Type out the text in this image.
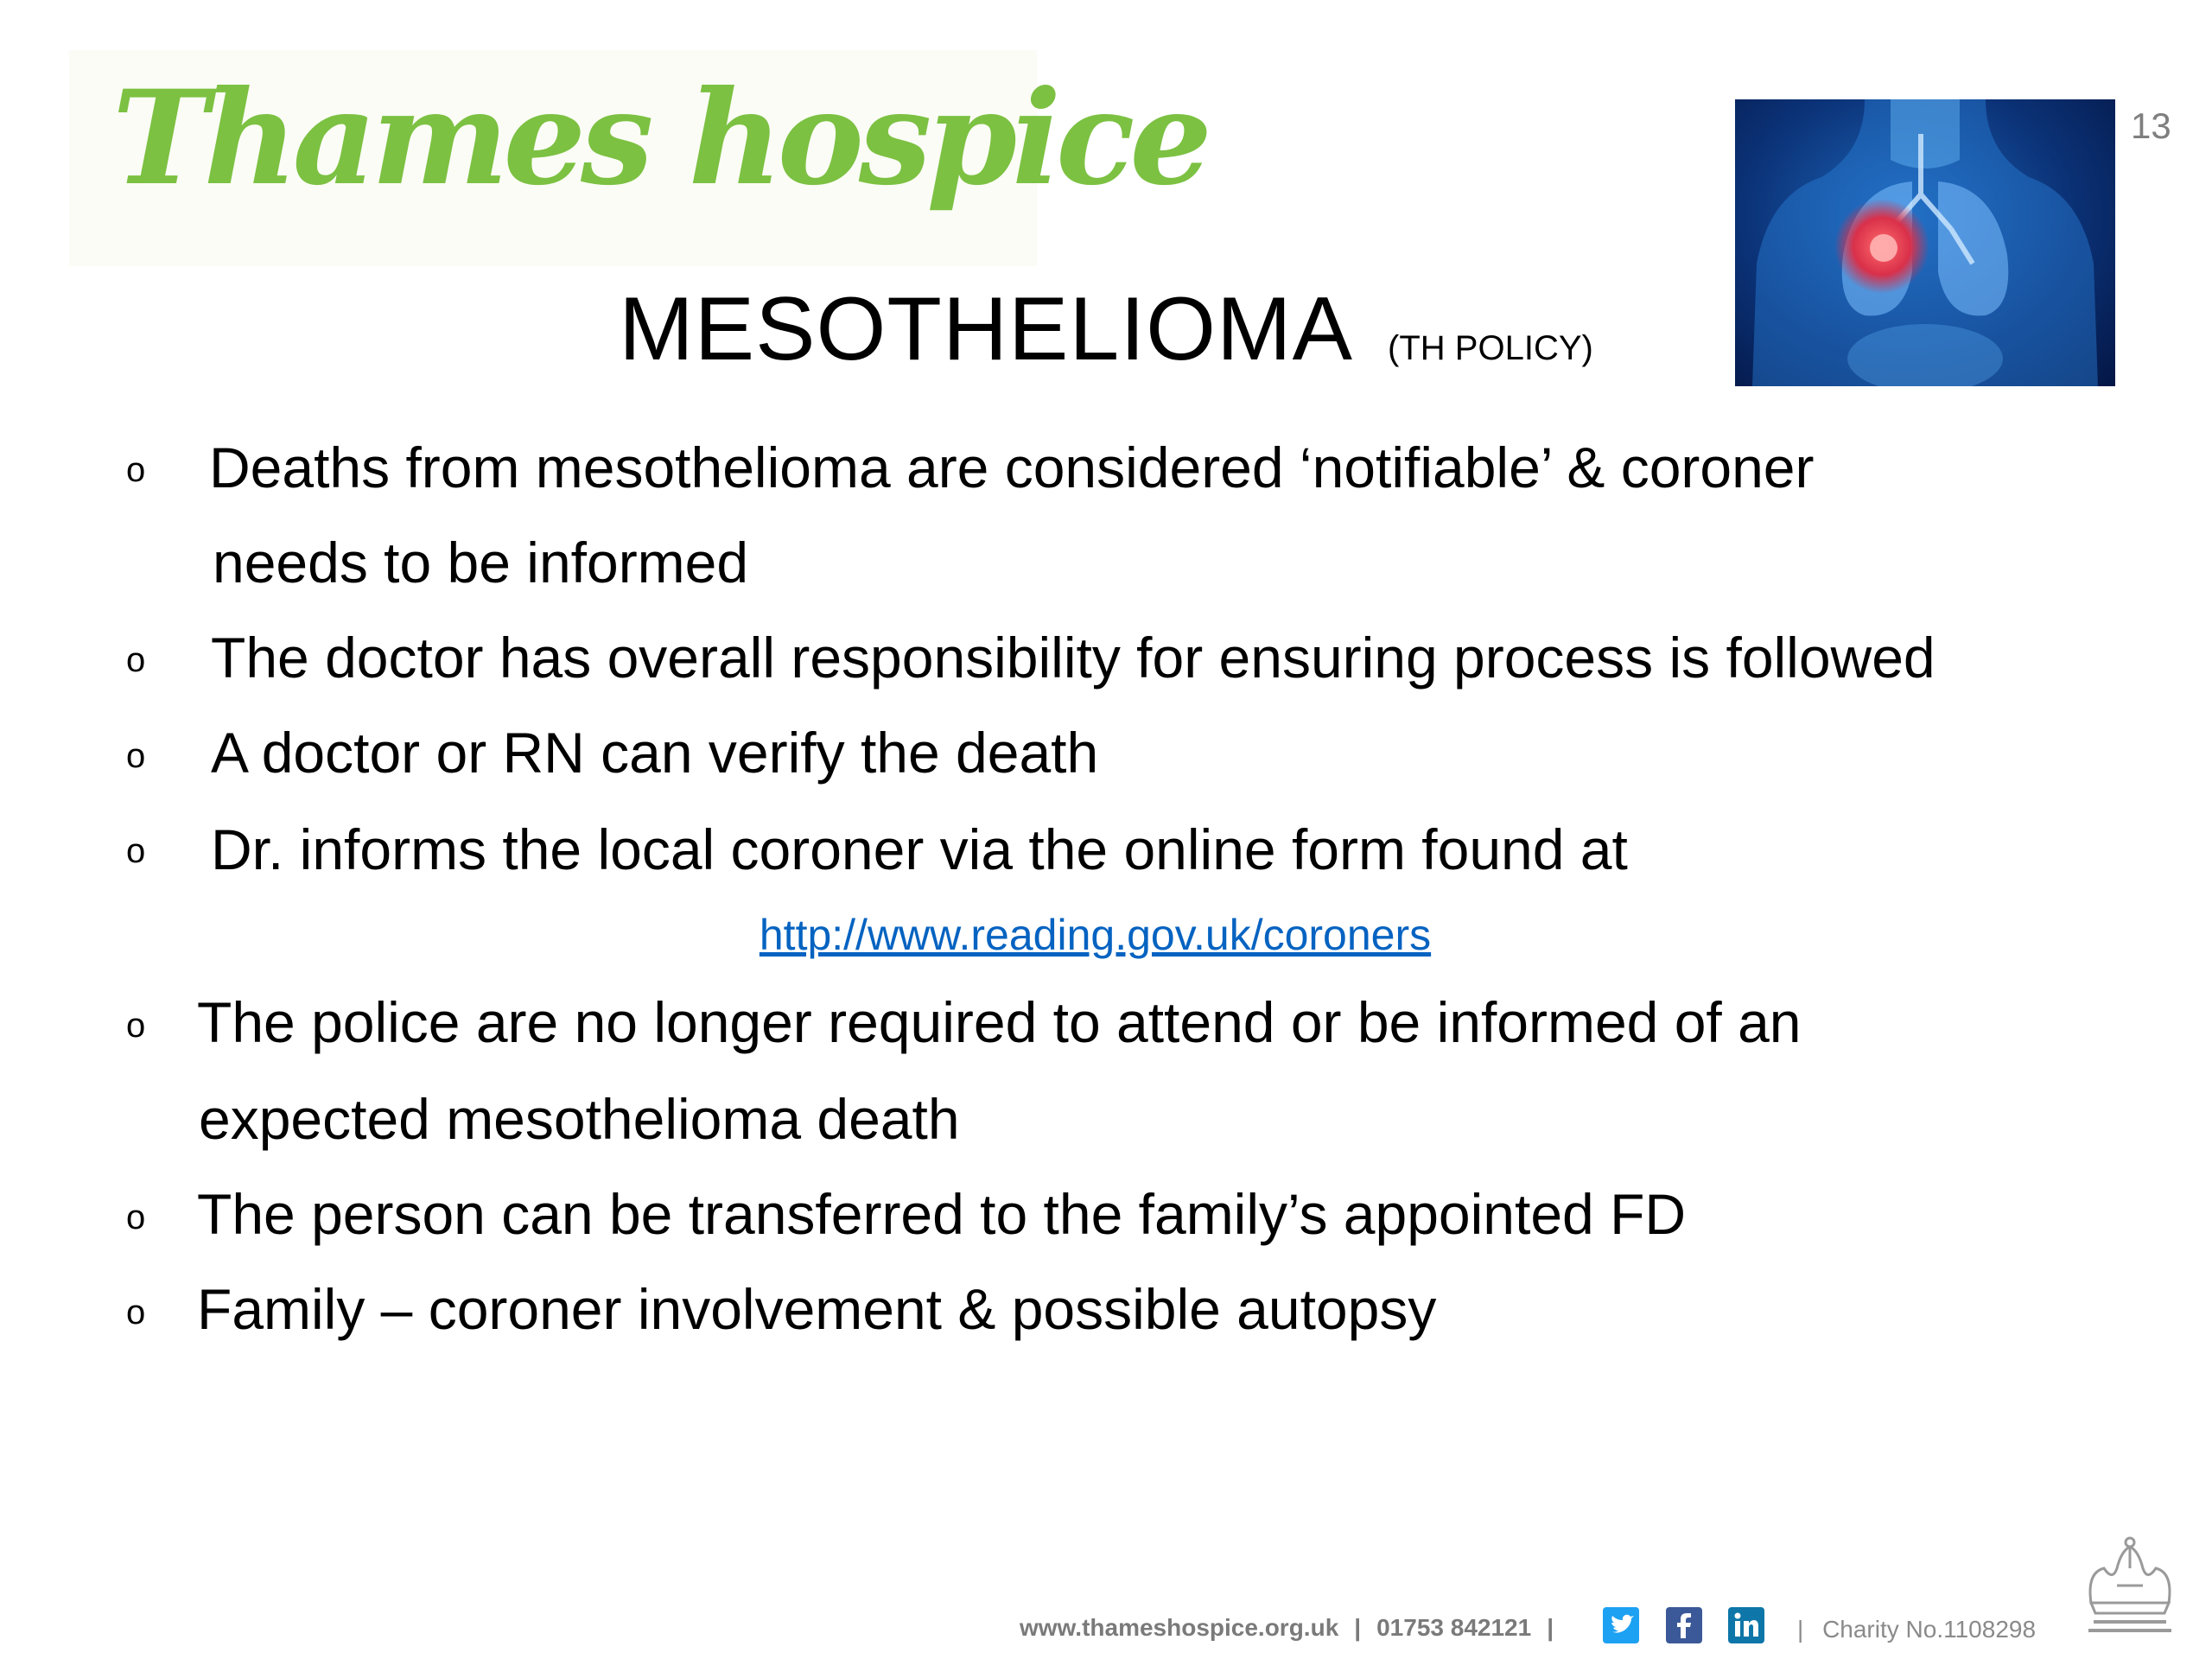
Thames hospice	13
MESOTHELIOMA (TH POLICY)
o Deaths from mesothelioma are considered ‘notifiable’ & coroner
needs to be informed
o The doctor has overall responsibility for ensuring process is followed
o A doctor or RN can verify the death
o Dr. informs the local coroner via the online form found at
o The police are no longer required to attend or be informed of an
expected mesothelioma death
o The person can be transferred to the family’s appointed FD
o Family – coroner involvement & possible autopsy
http://www.reading.gov.uk/coroners
www.thameshospice.org.uk | 01753 842121 |	| Charity No.1108298
